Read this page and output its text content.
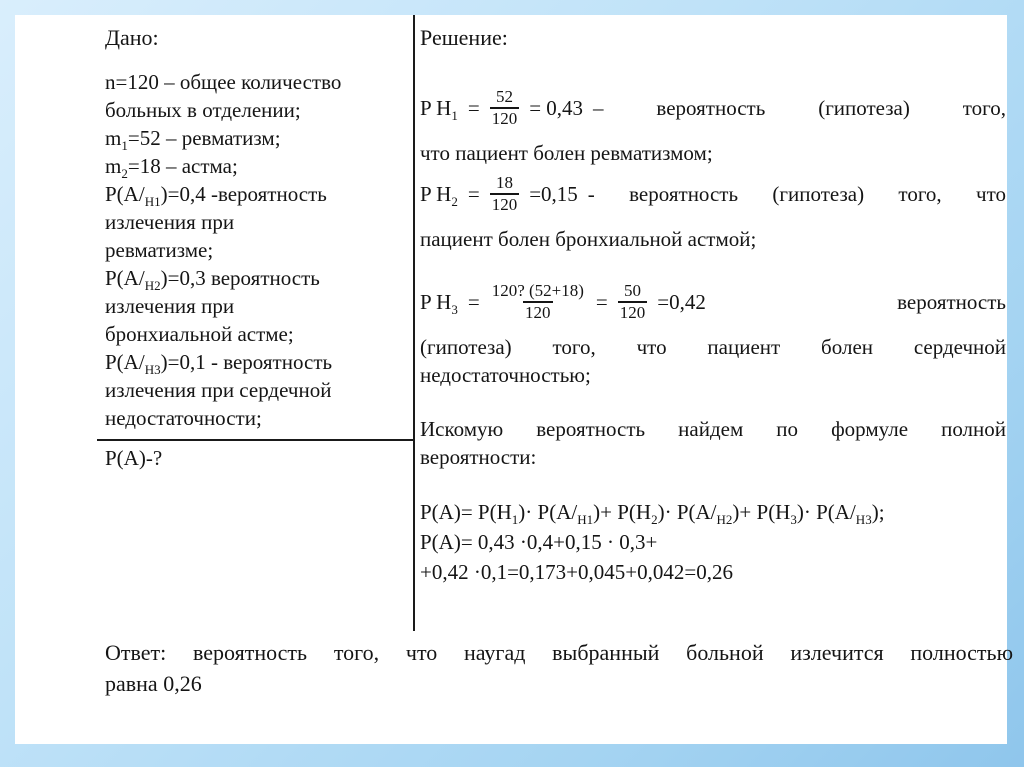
Дано:
n=120 – общее количество
больных в отделении;
$m_1=52$ – ревматизм;
$m_2=18$ – астма;
$P(A/_{H1})=0,4$ -вероятность
излечения при
ревматизме;
$P(A/_{H2})=0,3$ вероятность
излечения при
бронхиальной астме;
$P(A/_{H3})=0,1$ - вероятность
излечения при сердечной
недостаточности;
P(A)-?
Решение:
P $H_1 = \frac{52}{120} = 0,43$ – вероятность (гипотеза) того,
что пациент болен ревматизмом;
P $H_2 = \frac{18}{120} =0,15$ - вероятность (гипотеза) того, что
пациент болен бронхиальной астмой;
P $H_3 = \frac{120? (52+18)}{120} = \frac{50}{120} =0,42$	вероятность
(гипотеза) того, что пациент болен сердечной
недостаточностью;
Искомую вероятность найдем по формуле полной
вероятности:
$P(A)= P(H_1)\cdot P(A/_{H1})+ P(H_2)\cdot P(A/_{H2})+ P(H_3)\cdot P(A/_{H3})$;
P(A)= 0,43 ·0,4+0,15 · 0,3+
+0,42 ·0,1=0,173+0,045+0,042=0,26
Ответ: вероятность того, что наугад выбранный больной излечится полностью
равна 0,26
